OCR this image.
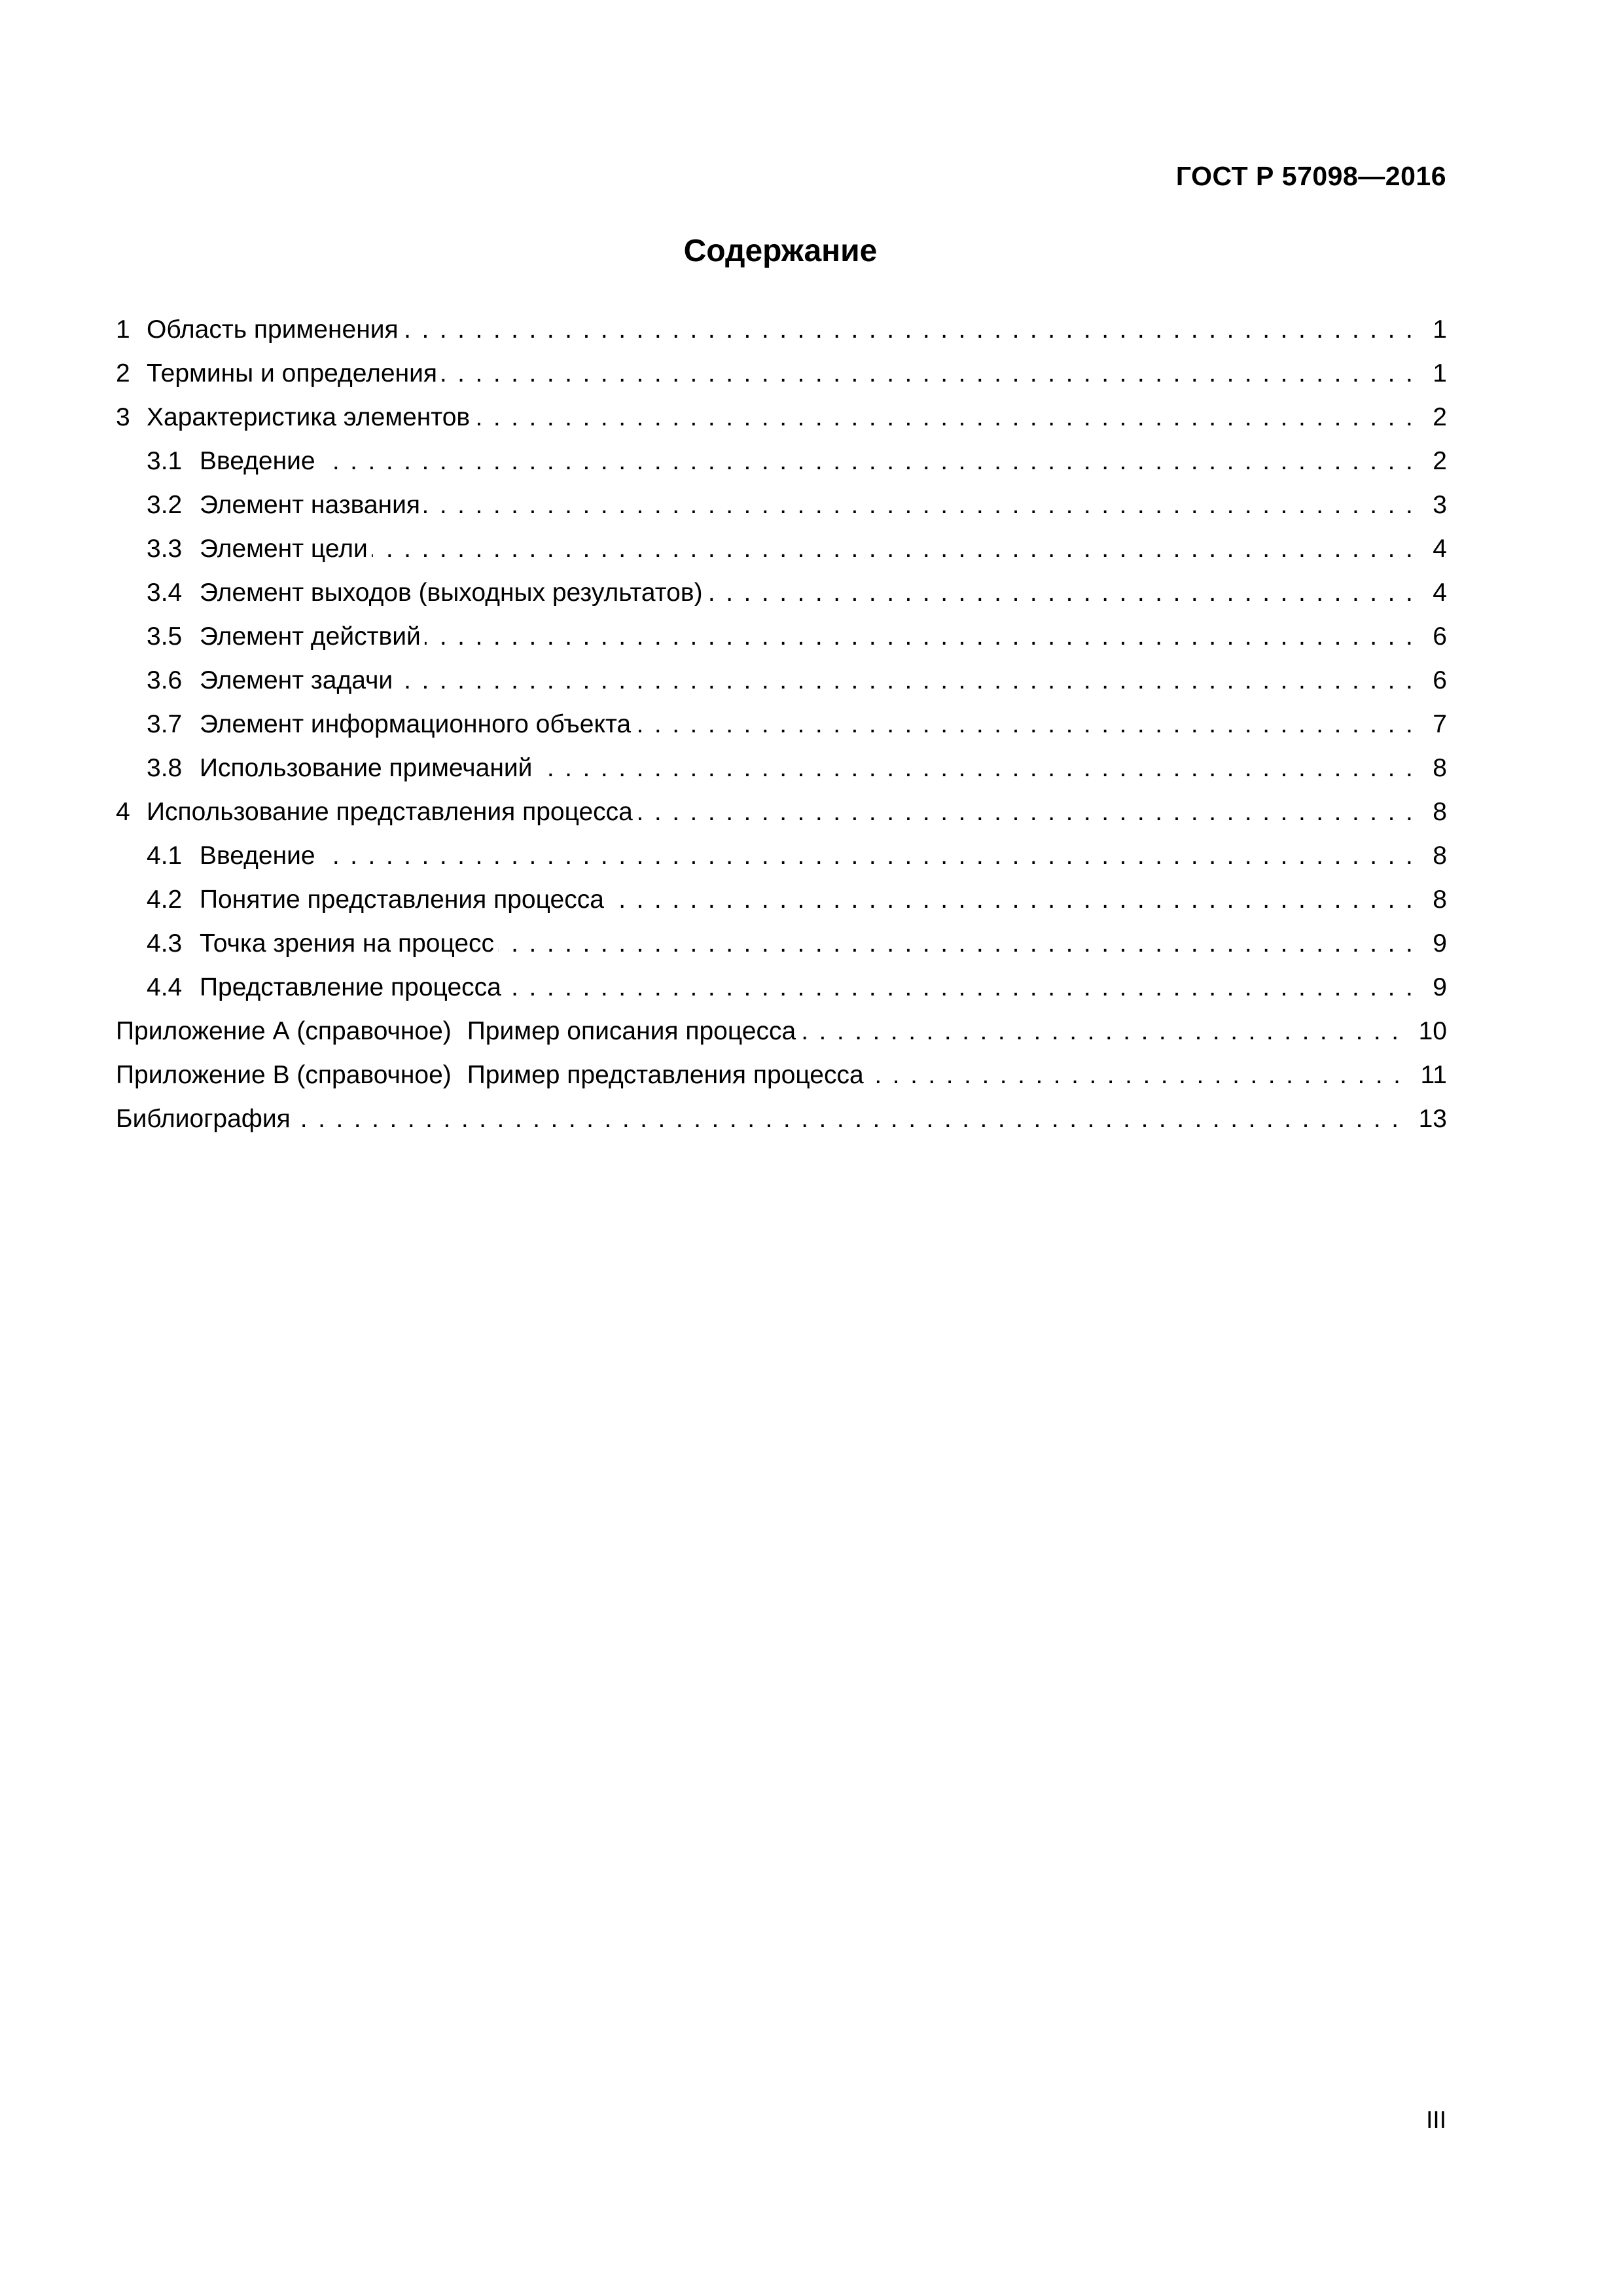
ГОСТ Р 57098—2016
Содержание
1 Область применения .....	1
2 Термины и определения .....	1
3 Характеристика элементов .....	2
3.1 Введение .....	2
3.2 Элемент названия .....	3
3.3 Элемент цели .....	4
3.4 Элемент выходов (выходных результатов) .....	4
3.5 Элемент действий .....	6
3.6 Элемент задачи .....	6
3.7 Элемент информационного объекта .....	7
3.8 Использование примечаний .....	8
4 Использование представления процесса .....	8
4.1 Введение .....	8
4.2 Понятие представления процесса .....	8
4.3 Точка зрения на процесс .....	9
4.4 Представление процесса .....	9
Приложение А (справочное) Пример описания процесса .....	10
Приложение В (справочное) Пример представления процесса .....	11
Библиография .....	13
III
